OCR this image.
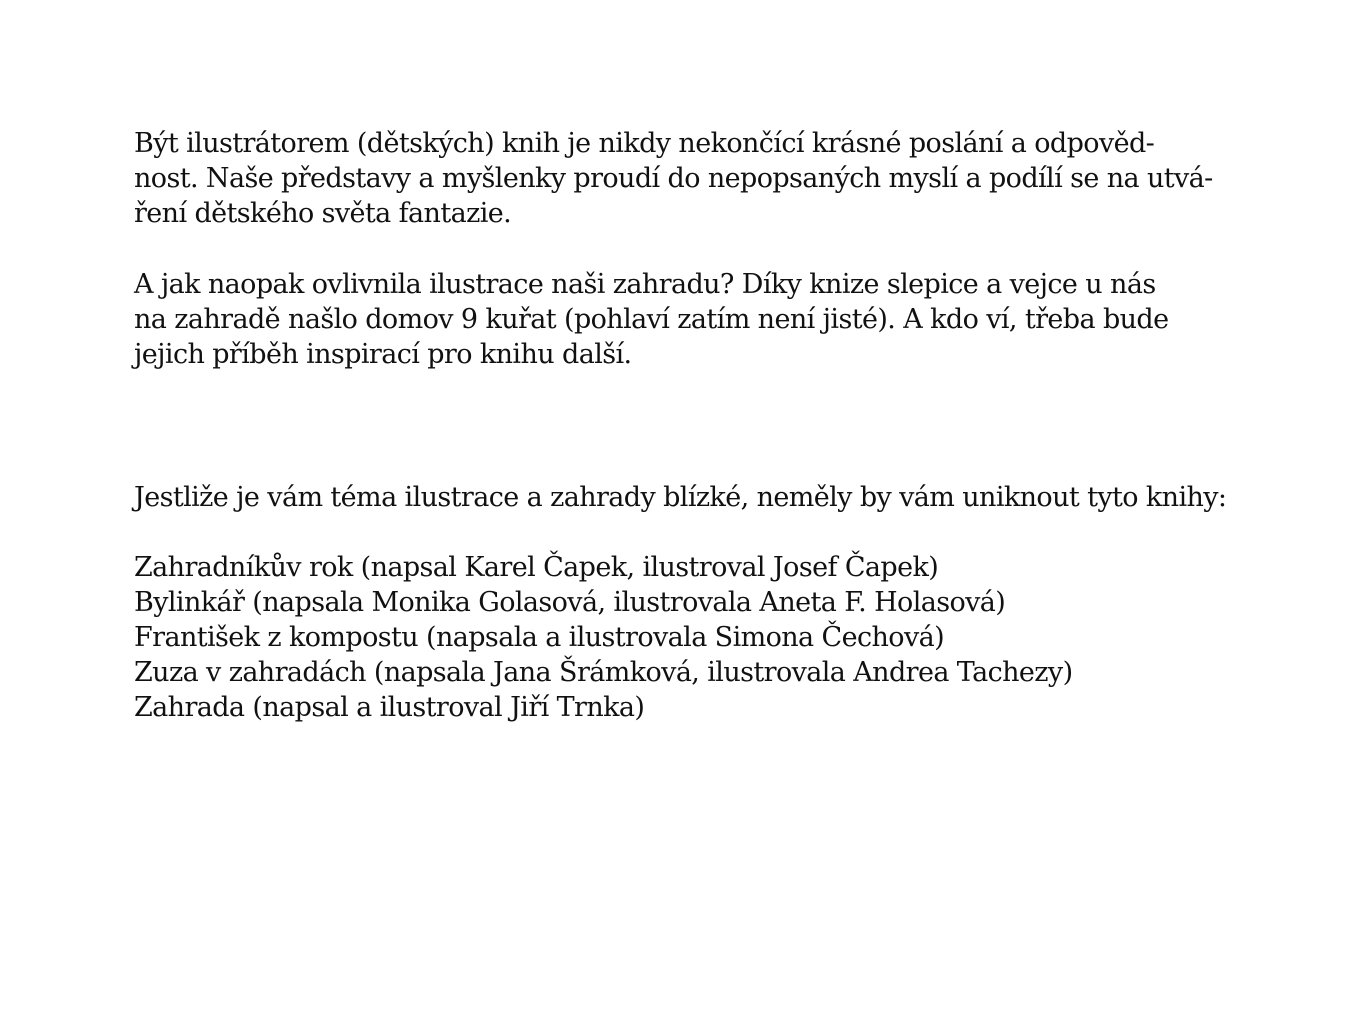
Být ilustrátorem (dětských) knih je nikdy nekončící krásné poslání a odpověd-
nost. Naše představy a myšlenky proudí do nepopsaných myslí a podílí se na utvá-
ření dětského světa fantazie.
A jak naopak ovlivnila ilustrace naši zahradu? Díky knize slepice a vejce u nás
na zahradě našlo domov 9 kuřat (pohlaví zatím není jisté). A kdo ví, třeba bude
jejich příběh inspirací pro knihu další.
Jestliže je vám téma ilustrace a zahrady blízké, neměly by vám uniknout tyto knihy:
Zahradníkův rok (napsal Karel Čapek, ilustroval Josef Čapek)
Bylinkář (napsala Monika Golasová, ilustrovala Aneta F. Holasová)
František z kompostu (napsala a ilustrovala Simona Čechová)
Zuza v zahradách (napsala Jana Šrámková, ilustrovala Andrea Tachezy)
Zahrada (napsal a ilustroval Jiří Trnka)
